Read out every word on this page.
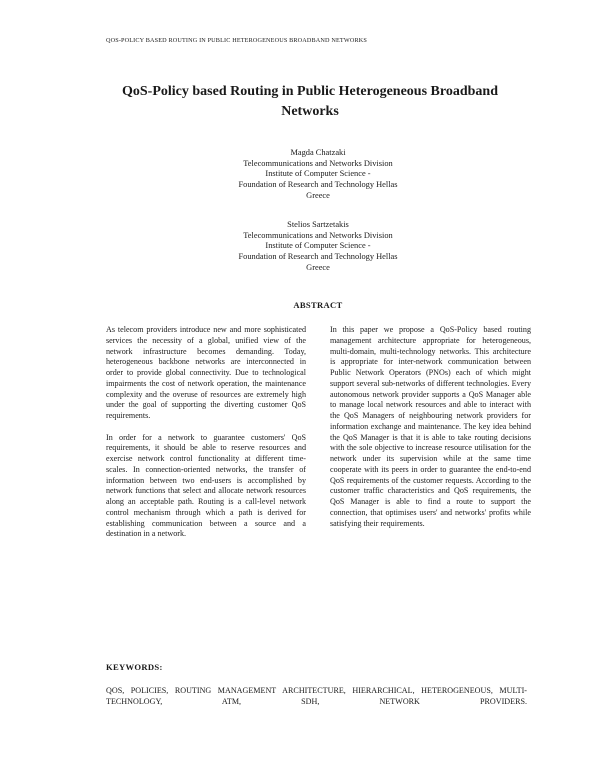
QOS-POLICY BASED ROUTING IN PUBLIC HETEROGENEOUS BROADBAND NETWORKS
QoS-Policy based Routing in Public Heterogeneous Broadband Networks
Magda Chatzaki
Telecommunications and Networks Division
Institute of Computer Science -
Foundation of Research and Technology Hellas
Greece
Stelios Sartzetakis
Telecommunications and Networks Division
Institute of Computer Science -
Foundation of Research and Technology Hellas
Greece
ABSTRACT

As telecom providers introduce new and more sophisticated services the necessity of a global, unified view of the network infrastructure becomes demanding. Today, heterogeneous backbone networks are interconnected in order to provide global connectivity. Due to technological impairments the cost of network operation, the maintenance complexity and the overuse of resources are extremely high under the goal of supporting the diverting customer QoS requirements.

In order for a network to guarantee customers' QoS requirements, it should be able to reserve resources and exercise network control functionality at different time-scales. In connection-oriented networks, the transfer of information between two end-users is accomplished by network functions that select and allocate network resources along an acceptable path. Routing is a call-level network control mechanism through which a path is derived for establishing communication between a source and a destination in a network.

In this paper we propose a QoS-Policy based routing management architecture appropriate for heterogeneous, multi-domain, multi-technology networks. This architecture is appropriate for inter-network communication between Public Network Operators (PNOs) each of which might support several sub-networks of different technologies. Every autonomous network provider supports a QoS Manager able to manage local network resources and able to interact with the QoS Managers of neighbouring network providers for information exchange and maintenance. The key idea behind the QoS Manager is that it is able to take routing decisions with the sole objective to increase resource utilisation for the network under its supervision while at the same time cooperate with its peers in order to guarantee the end-to-end QoS requirements of the customer requests. According to the customer traffic characteristics and QoS requirements, the QoS Manager is able to find a route to support the connection, that optimises users' and networks' profits while satisfying their requirements.

KEYWORDS:
QOS, POLICIES, ROUTING MANAGEMENT ARCHITECTURE, HIERARCHICAL, HETEROGENEOUS, MULTI-TECHNOLOGY, ATM, SDH, NETWORK PROVIDERS.
